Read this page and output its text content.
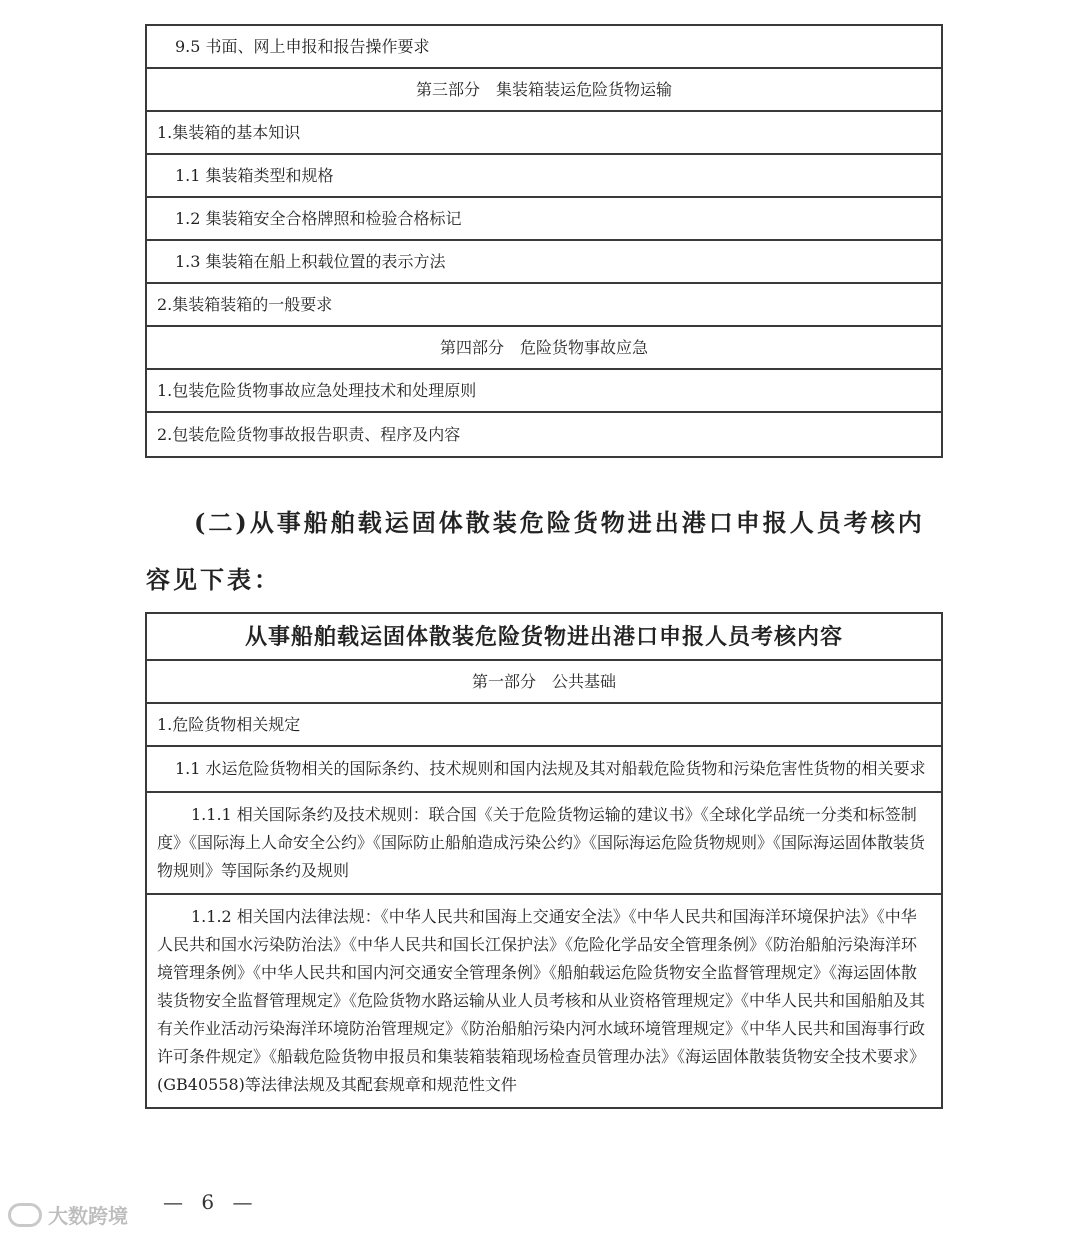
9.5 书面、网上申报和报告操作要求
第三部分　集装箱装运危险货物运输
1.集装箱的基本知识
1.1 集装箱类型和规格
1.2 集装箱安全合格牌照和检验合格标记
1.3 集装箱在船上积载位置的表示方法
2.集装箱装箱的一般要求
第四部分　危险货物事故应急
1.包装危险货物事故应急处理技术和处理原则
2.包装危险货物事故报告职责、程序及内容
(二)从事船舶载运固体散装危险货物进出港口申报人员考核内容见下表：
从事船舶载运固体散装危险货物进出港口申报人员考核内容
第一部分　公共基础
1.危险货物相关规定
1.1 水运危险货物相关的国际条约、技术规则和国内法规及其对船载危险货物和污染危害性货物的相关要求
1.1.1 相关国际条约及技术规则：联合国《关于危险货物运输的建议书》《全球化学品统一分类和标签制度》《国际海上人命安全公约》《国际防止船舶造成污染公约》《国际海运危险货物规则》《国际海运固体散装货物规则》等国际条约及规则
1.1.2 相关国内法律法规：《中华人民共和国海上交通安全法》《中华人民共和国海洋环境保护法》《中华人民共和国水污染防治法》《中华人民共和国长江保护法》《危险化学品安全管理条例》《防治船舶污染海洋环境管理条例》《中华人民共和国内河交通安全管理条例》《船舶载运危险货物安全监督管理规定》《海运固体散装货物安全监督管理规定》《危险货物水路运输从业人员考核和从业资格管理规定》《中华人民共和国船舶及其有关作业活动污染海洋环境防治管理规定》《防治船舶污染内河水域环境管理规定》《中华人民共和国海事行政许可条件规定》《船载危险货物申报员和集装箱装箱现场检查员管理办法》《海运固体散装货物安全技术要求》(GB40558)等法律法规及其配套规章和规范性文件
— 6 —
大数跨境
